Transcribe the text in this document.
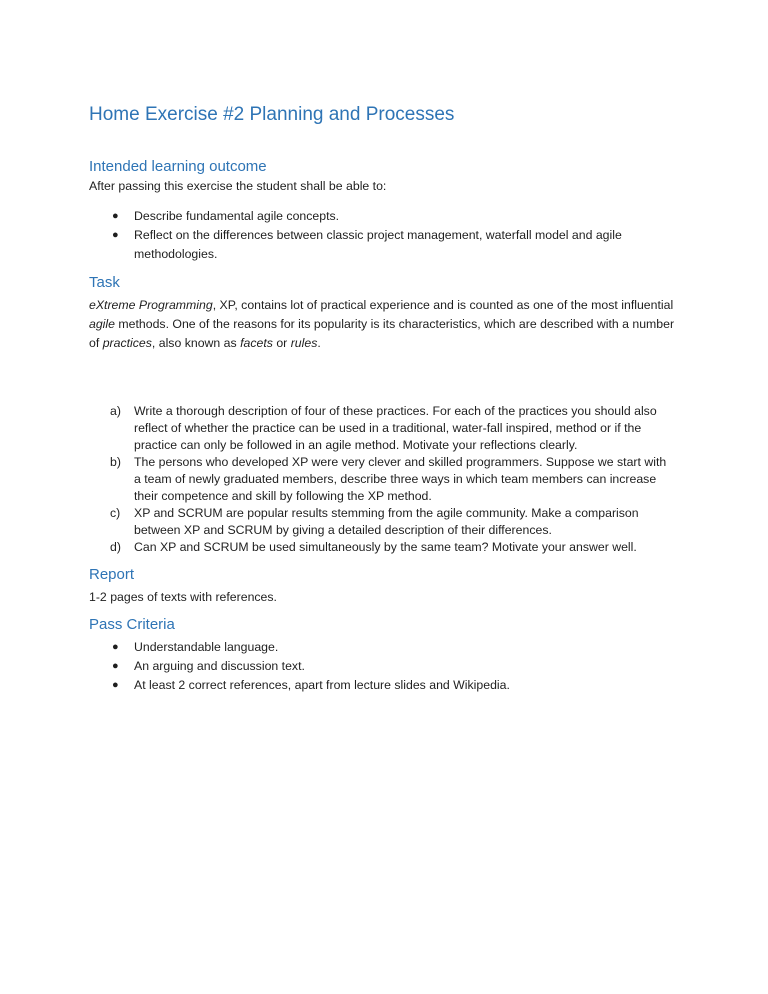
Home Exercise #2 Planning and Processes
Intended learning outcome

After passing this exercise the student shall be able to:

● Describe fundamental agile concepts.
● Reflect on the differences between classic project management, waterfall model and agile methodologies.
Task

eXtreme Programming, XP, contains lot of practical experience and is counted as one of the most influential agile methods. One of the reasons for its popularity is its characteristics, which are described with a number of practices, also known as facets or rules.

a) Write a thorough description of four of these practices. For each of the practices you should also reflect of whether the practice can be used in a traditional, water-fall inspired, method or if the practice can only be followed in an agile method. Motivate your reflections clearly.
b) The persons who developed XP were very clever and skilled programmers. Suppose we start with a team of newly graduated members, describe three ways in which team members can increase their competence and skill by following the XP method.
c) XP and SCRUM are popular results stemming from the agile community. Make a comparison between XP and SCRUM by giving a detailed description of their differences.
d) Can XP and SCRUM be used simultaneously by the same team? Motivate your answer well.
Report

1-2 pages of texts with references.

Pass Criteria
● Understandable language.
● An arguing and discussion text.
● At least 2 correct references, apart from lecture slides and Wikipedia.
